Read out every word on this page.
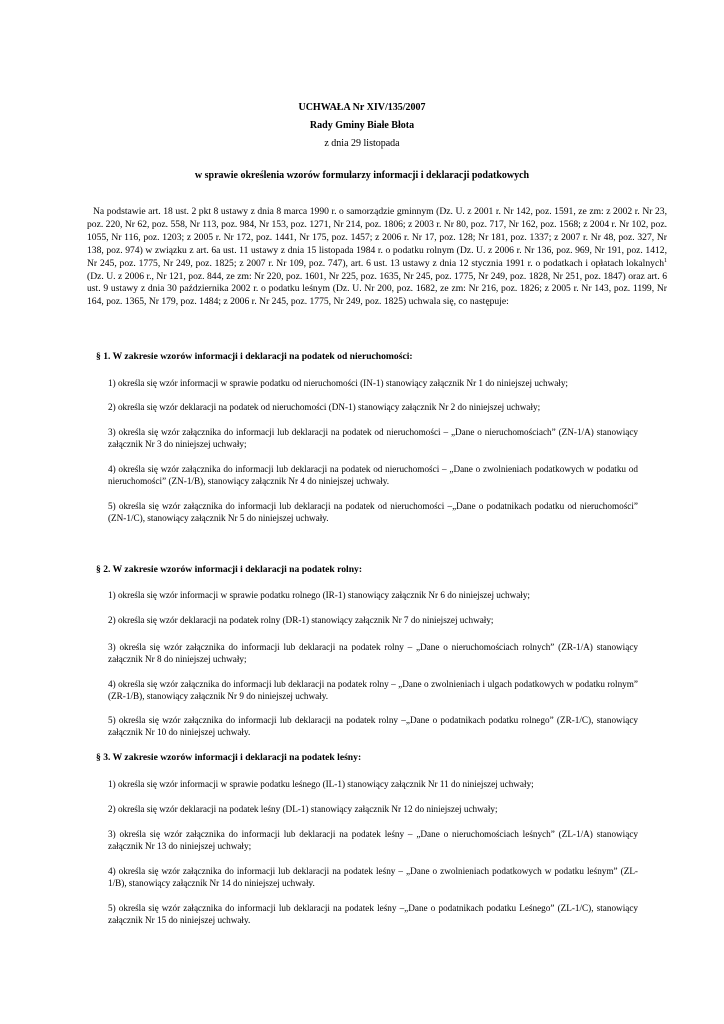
UCHWAŁA Nr XIV/135/2007
Rady Gminy Białe Błota
z dnia 29 listopada
w sprawie określenia wzorów formularzy informacji i deklaracji podatkowych
Na podstawie art. 18 ust. 2 pkt 8 ustawy z dnia 8 marca 1990 r. o samorządzie gminnym (Dz. U. z 2001 r. Nr 142, poz. 1591, ze zm: z 2002 r. Nr 23, poz. 220, Nr 62, poz. 558, Nr 113, poz. 984, Nr 153, poz. 1271, Nr 214, poz. 1806; z 2003 r. Nr 80, poz. 717, Nr 162, poz. 1568; z 2004 r. Nr 102, poz. 1055, Nr 116, poz. 1203; z 2005 r. Nr 172, poz. 1441, Nr 175, poz. 1457; z 2006 r. Nr 17, poz. 128; Nr 181, poz. 1337; z 2007 r. Nr 48, poz. 327, Nr 138, poz. 974) w związku z art. 6a ust. 11 ustawy z dnia 15 listopada 1984 r. o podatku rolnym (Dz. U. z 2006 r. Nr 136, poz. 969, Nr 191, poz. 1412, Nr 245, poz. 1775, Nr 249, poz. 1825; z 2007 r. Nr 109, poz. 747), art. 6 ust. 13 ustawy z dnia 12 stycznia 1991 r. o podatkach i opłatach lokalnych$^1$ (Dz. U. z 2006 r., Nr 121, poz. 844, ze zm: Nr 220, poz. 1601, Nr 225, poz. 1635, Nr 245, poz. 1775, Nr 249, poz. 1828, Nr 251, poz. 1847) oraz art. 6 ust. 9 ustawy z dnia 30 października 2002 r. o podatku leśnym (Dz. U. Nr 200, poz. 1682, ze zm: Nr 216, poz. 1826; z 2005 r. Nr 143, poz. 1199, Nr 164, poz. 1365, Nr 179, poz. 1484; z 2006 r. Nr 245, poz. 1775, Nr 249, poz. 1825) uchwala się, co następuje:
§ 1. W zakresie wzorów informacji i deklaracji na podatek od nieruchomości:
1) określa się wzór informacji w sprawie podatku od nieruchomości (IN-1) stanowiący załącznik Nr 1 do niniejszej uchwały;
2) określa się wzór deklaracji na podatek od nieruchomości (DN-1) stanowiący załącznik Nr 2 do niniejszej uchwały;
3) określa się wzór załącznika do informacji lub deklaracji na podatek od nieruchomości – „Dane o nieruchomościach” (ZN-1/A) stanowiący załącznik Nr 3 do niniejszej uchwały;
4) określa się wzór załącznika do informacji lub deklaracji na podatek od nieruchomości – „Dane o zwolnieniach podatkowych w podatku od nieruchomości” (ZN-1/B), stanowiący załącznik Nr 4 do niniejszej uchwały.
5) określa się wzór załącznika do informacji lub deklaracji na podatek od nieruchomości –„Dane o podatnikach podatku od nieruchomości” (ZN-1/C), stanowiący załącznik Nr 5 do niniejszej uchwały.
§ 2. W zakresie wzorów informacji i deklaracji na podatek rolny:
1) określa się wzór informacji w sprawie podatku rolnego (IR-1) stanowiący załącznik Nr 6 do niniejszej uchwały;
2) określa się wzór deklaracji na podatek rolny (DR-1) stanowiący załącznik Nr 7 do niniejszej uchwały;
3) określa się wzór załącznika do informacji lub deklaracji na podatek rolny – „Dane o nieruchomościach rolnych” (ZR-1/A) stanowiący załącznik Nr 8 do niniejszej uchwały;
4) określa się wzór załącznika do informacji lub deklaracji na podatek rolny – „Dane o zwolnieniach i ulgach podatkowych w podatku rolnym” (ZR-1/B), stanowiący załącznik Nr 9 do niniejszej uchwały.
5) określa się wzór załącznika do informacji lub deklaracji na podatek rolny –„Dane o podatnikach podatku rolnego” (ZR-1/C), stanowiący załącznik Nr 10 do niniejszej uchwały.
§ 3. W zakresie wzorów informacji i deklaracji na podatek leśny:
1) określa się wzór informacji w sprawie podatku leśnego (IL-1) stanowiący załącznik Nr 11 do niniejszej uchwały;
2) określa się wzór deklaracji na podatek leśny (DL-1) stanowiący załącznik Nr 12 do niniejszej uchwały;
3) określa się wzór załącznika do informacji lub deklaracji na podatek leśny – „Dane o nieruchomościach leśnych” (ZL-1/A) stanowiący załącznik Nr 13 do niniejszej uchwały;
4) określa się wzór załącznika do informacji lub deklaracji na podatek leśny – „Dane o zwolnieniach podatkowych w podatku leśnym” (ZL-1/B), stanowiący załącznik Nr 14 do niniejszej uchwały.
5) określa się wzór załącznika do informacji lub deklaracji na podatek leśny –„Dane o podatnikach podatku Leśnego” (ZL-1/C), stanowiący załącznik Nr 15 do niniejszej uchwały.
